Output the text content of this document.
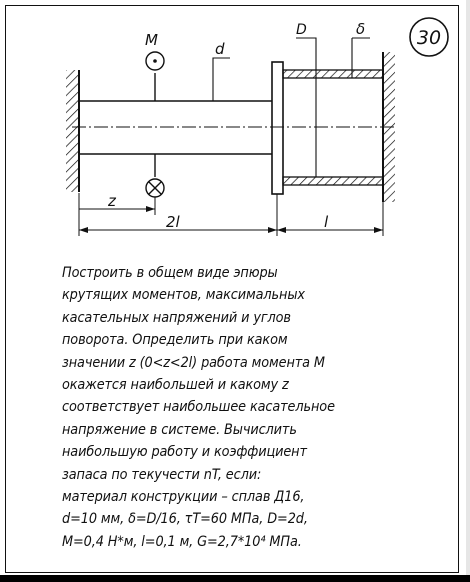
M	d
D	δ	30
z
2l	l
Построить в общем виде эпюры
крутящих моментов, максимальных
касательных напряжений и углов
поворота. Определить при каком
значении z (0<z<2l) работа момента M
окажется наибольшей и какому z
соответствует наибольшее касательное
напряжение в системе. Вычислить
наибольшую работу и коэффициент
запаса по текучести nT, если:
материал конструкции – сплав Д16,
d=10 мм, δ=D/16, τT=60 МПа, D=2d,
M=0,4 Н*м, l=0,1 м, G=2,7*10⁴ МПа.
